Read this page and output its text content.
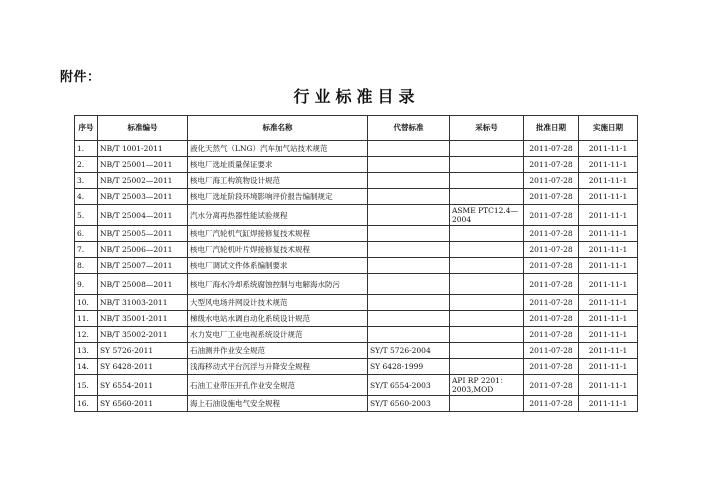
附件：
行业标准目录
序号	标准编号	标准名称	代替标准	采标号	批准日期	实施日期
1.	NB/T 1001-2011	液化天然气（LNG）汽车加气站技术规范			2011-07-28	2011-11-1
2.	NB/T 25001—2011	核电厂选址质量保证要求			2011-07-28	2011-11-1
3.	NB/T 25002—2011	核电厂海工构筑物设计规范			2011-07-28	2011-11-1
4.	NB/T 25003—2011	核电厂选址阶段环境影响评价报告编制规定			2011-07-28	2011-11-1
5.	NB/T 25004—2011	汽水分离再热器性能试验规程		ASME PTC12.4—2004	2011-07-28	2011-11-1
6.	NB/T 25005—2011	核电厂汽轮机气缸焊接修复技术规程			2011-07-28	2011-11-1
7.	NB/T 25006—2011	核电厂汽轮机叶片焊接修复技术规程			2011-07-28	2011-11-1
8.	NB/T 25007—2011	核电厂调试文件体系编制要求			2011-07-28	2011-11-1
9.	NB/T 25008—2011	核电厂海水冷却系统腐蚀控制与电解海水防污			2011-07-28	2011-11-1
10.	NB/T 31003-2011	大型风电场并网设计技术规范			2011-07-28	2011-11-1
11.	NB/T 35001-2011	梯级水电站水调自动化系统设计规范			2011-07-28	2011-11-1
12.	NB/T 35002-2011	水力发电厂工业电视系统设计规范			2011-07-28	2011-11-1
13.	SY 5726-2011	石油测井作业安全规范	SY/T 5726-2004		2011-07-28	2011-11-1
14.	SY 6428-2011	浅海移动式平台沉浮与升降安全规程	SY 6428-1999		2011-07-28	2011-11-1
15.	SY 6554-2011	石油工业带压开孔作业安全规范	SY/T 6554-2003	API RP 2201：2003,MOD	2011-07-28	2011-11-1
16.	SY 6560-2011	海上石油设施电气安全规程	SY/T 6560-2003		2011-07-28	2011-11-1
